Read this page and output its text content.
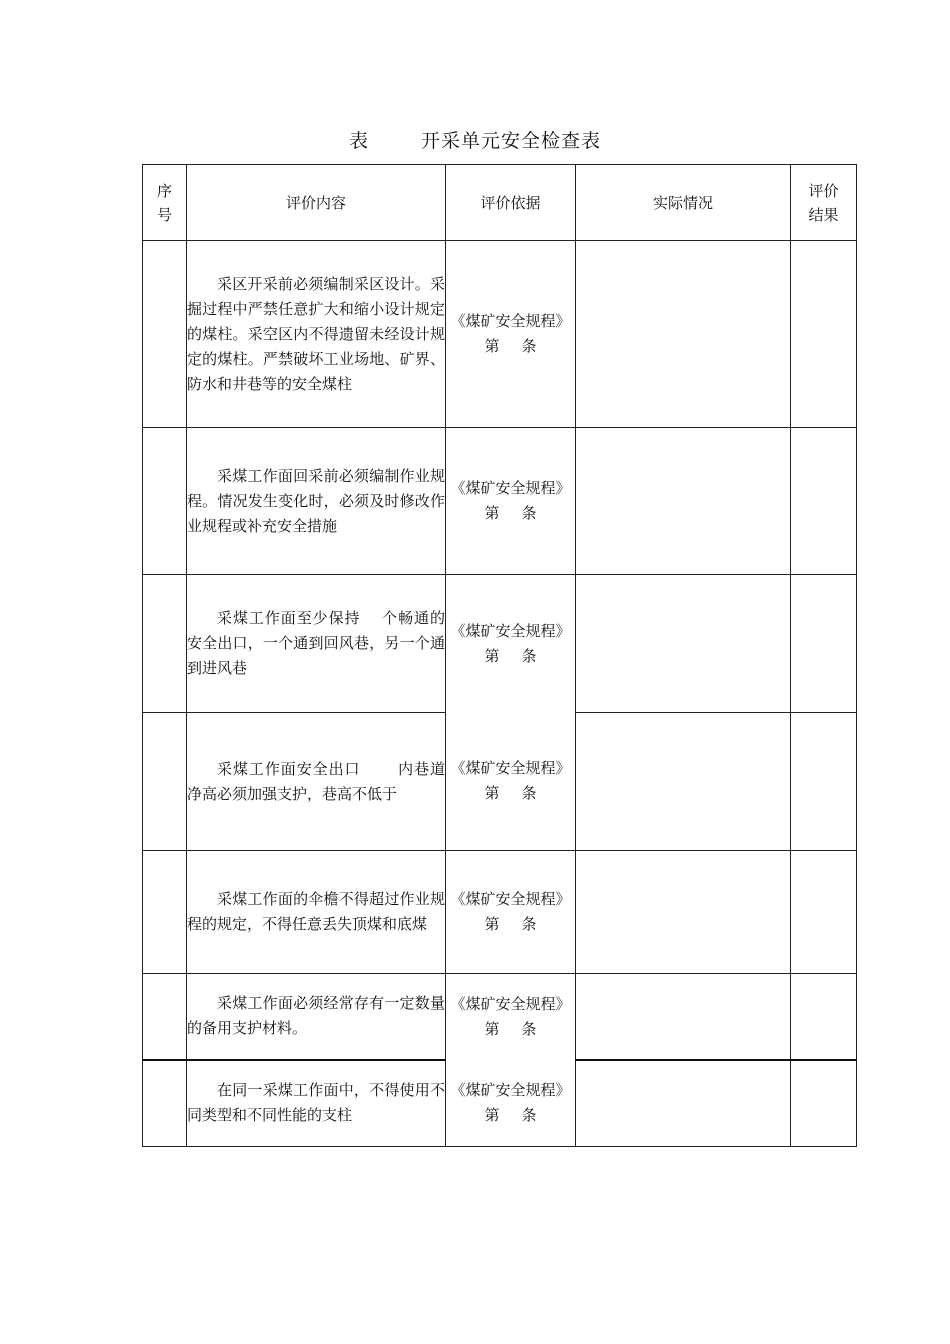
表	开采单元安全检查表
序
号	评价内容	评价依据	实际情况	评价
结果

	采区开采前必须编制采区设计。采掘过程中严禁任意扩大和缩小设计规定的煤柱。采空区内不得遗留未经设计规定的煤柱。严禁破坏工业场地、矿界、防水和井巷等的安全煤柱	《煤矿安全规程》
第 条		

	采煤工作面回采前必须编制作业规程。情况发生变化时，必须及时修改作业规程或补充安全措施	《煤矿安全规程》
第 条		

	采煤工作面至少保持　 个畅通的安全出口，一个通到回风巷，另一个通到进风巷	《煤矿安全规程》
第 条		

	采煤工作面安全出口　　 内巷道净高必须加强支护，巷高不低于	《煤矿安全规程》
第 条		

	采煤工作面的伞檐不得超过作业规程的规定，不得任意丢失顶煤和底煤	《煤矿安全规程》
第 条		

	采煤工作面必须经常存有一定数量的备用支护材料。	《煤矿安全规程》
第 条		

	在同一采煤工作面中，不得使用不同类型和不同性能的支柱	《煤矿安全规程》
第 条		
